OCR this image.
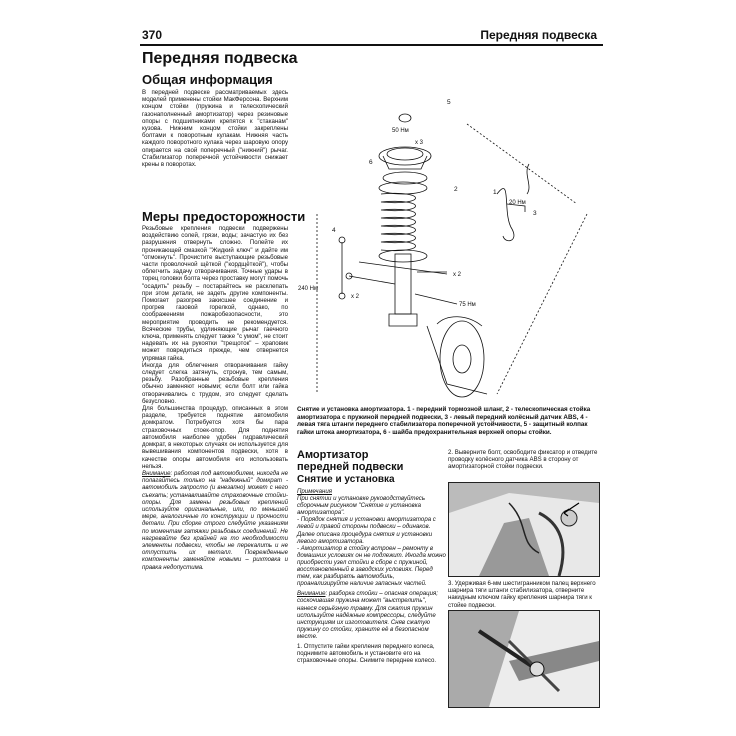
370	Передняя подвеска
Передняя подвеска
Общая информация

В передней подвеске рассматриваемых здесь моделей применены стойки МакФерсона. Верхним концом стойки (пружина и телескопический газонаполненный амортизатор) через резиновые опоры с подшипниками крепятся к "стаканам" кузова. Нижним концом стойки закреплены болтами к поворотным кулакам. Нижняя часть каждого поворотного кулака через шаровую опору опирается на свой поперечный ("нижний") рычаг. Стабилизатор поперечной устойчивости снижает крены в поворотах.

Меры предосторожности

Резьбовые крепления подвески подвержены воздействию солей, грязи, воды; зачастую их без разрушения отвернуть сложно. Полейте их проникающей смазкой "Жидкий ключ" и дайте им "отмокнуть". Прочистите выступающие резьбовые части проволочной щёткой ("кордщёткой"), чтобы облегчить задачу отворачивания. Точные удары в торец головки болта через проставку могут помочь "осадить" резьбу – постарайтесь не расклепать при этом детали, не задеть другие компоненты. Помогает разогрев закисшее соединение и прогрев газовой горелкой, однако, по соображениям пожаробезопасности, это мероприятие проводить не рекомендуется. Всяческие трубы, удлиняющие рычаг гаечного ключа, применять следует также "с умом", не стоит надевать их на рукоятки "трещоток" – храповик может повредиться прежде, чем отвернется упрямая гайка.

Иногда для облегчения отворачивания гайку следует слегка затянуть, стронув, тем самым, резьбу. Разобранные резьбовые крепления обычно заменяют новыми; если болт или гайка отворачивались с трудом, это следует сделать безусловно.

Для большинства процедур, описанных в этом разделе, требуется поднятие автомобиля домкратом. Потребуется хотя бы пара страховочных стоек-опор. Для поднятия автомобиля наиболее удобен гидравлический домкрат, в некоторых случаях он используется для вывешивания компонентов подвески, хотя в качестве опоры автомобиля его использовать нельзя.

Внимание: работая под автомобилем, никогда не полагайтесь только на "надежный" домкрат - автомобиль запросто (и внезапно) может с него съехать; устанавливайте страховочные стойки-опоры. Для замены резьбовых креплений используйте оригинальные, или, по меньшей мере, аналогичные по конструкции и прочности детали. При сборке строго следуйте указаниям по моментам затяжки резьбовых соединений. Не нагревайте без крайней на то необходимости элементы подвески, чтобы не перекалить и не отпустить их металл. Поврежденные компоненты заменяйте новыми – рихтовка и правка недопустима.

5
50 Нм
x 3
6
2	1
20 Нм
3
4
x 2
240 Нм
x 2
75 Нм
Снятие и установка амортизатора. 1 - передний тормозной шланг, 2 - телескопическая стойка амортизатора с пружиной передней подвески, 3 - левый передний колёсный датчик ABS, 4 - левая тяга штанги переднего стабилизатора поперечной устойчивости, 5 - защитный колпак гайки штока амортизатора, 6 - шайба предохранительная верхней опоры стойки.
Амортизатор
передней подвески
Снятие и установка
Примечания
При снятии и установке руководствуйтесь сборочным рисунком "Снятие и установка амортизатора".
- Порядок снятия и установки амортизатора с левой и правой стороны подвески – одинаков. Далее описана процедура снятия и установки левого амортизатора.
- Амортизатор в стойку встроен – ремонту в домашних условиях он не подлежит. Иногда можно приобрести узел стойки в сборе с пружиной, восстановленный в заводских условиях. Перед тем, как разбирать автомобиль, проанализируйте наличие запасных частей.
Внимание: разборка стойки – опасная операция; соскочившая пружина может "выстрелить", нанеся серьёзную травму. Для сжатия пружин используйте надёжные компрессоры, следуйте инструкциям их изготовителя. Сняв сжатую пружину со стойки, храните её в безопасном месте.
1. Отпустите гайки крепления переднего колеса, поднимите автомобиль и установите его на страховочные опоры. Снимите переднее колесо.
2. Выверните болт, освободите фиксатор и отведите проводку колёсного датчика ABS в сторону от амортизаторной стойки подвески.
3. Удерживая 6-мм шестигранником палец верхнего шарнира тяги штанги стабилизатора, отверните накидным ключом гайку крепления шарнира тяги к стойке подвески.
